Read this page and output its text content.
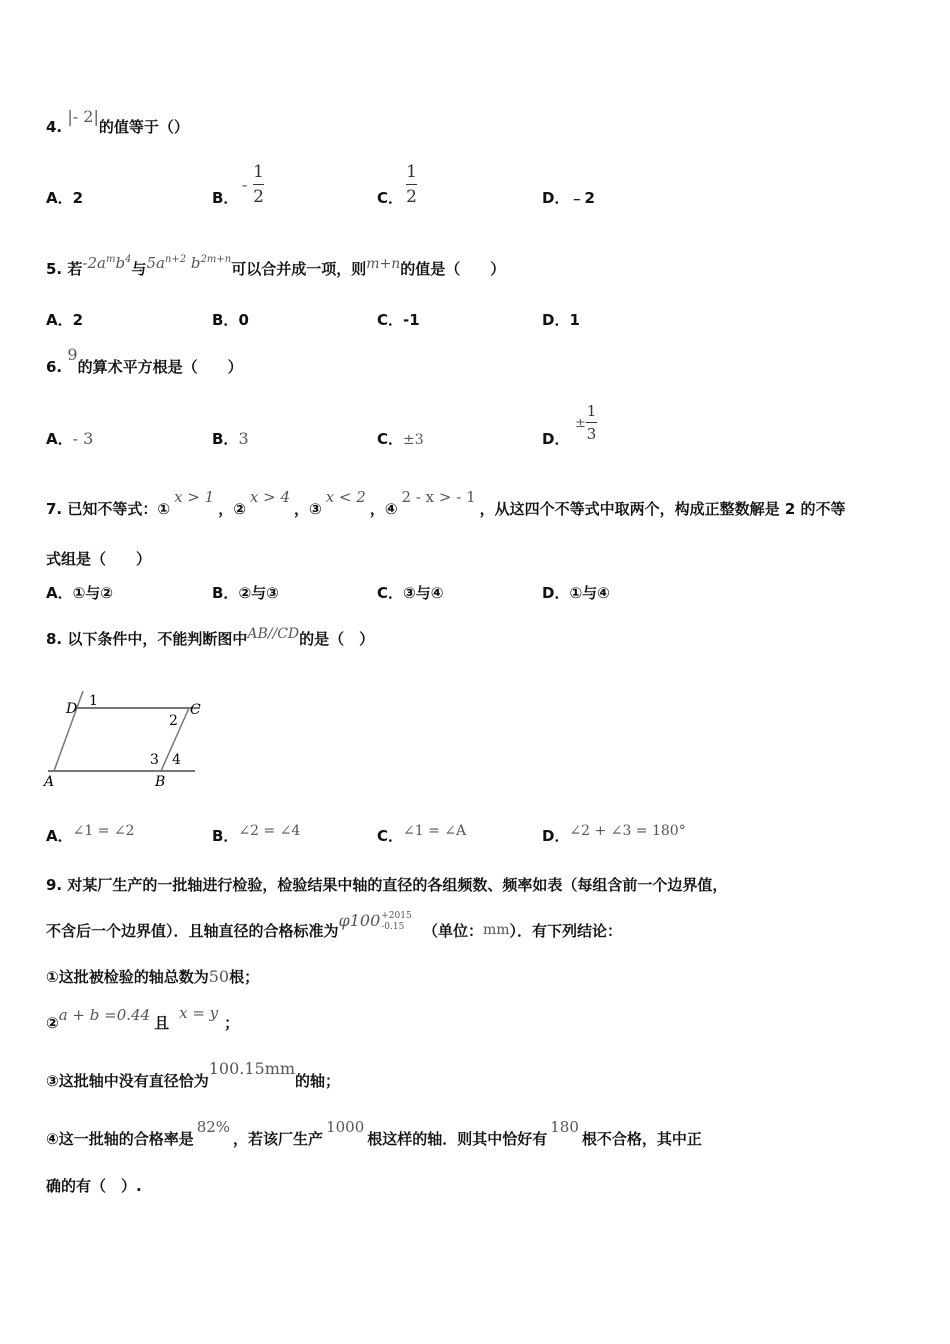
4. |- 2|的值等于（）
A．2	B．
-
1
2	C．
1
2	D．﹣2
5. 若$-2a^mb^4$与$5a^{n+2}$ $b^{2m+n}$可以合并成一项，则m+n的值是（　　）
A．2	B．0	C．-1	D．1
6. 9的算术平方根是（　　）
A．- 3	B．3	C．±3	D．
±
1
3
7. 已知不等式：①x > 1，②x > 4，③x < 2，④2 - x > - 1，从这四个不等式中取两个，构成正整数解是 2 的不等
式组是（　　）
A．①与②	B．②与③	C．③与④	D．①与④
8. 以下条件中，不能判断图中AB//CD的是（　）
D 1
C
2
3 4
A	B
A．∠1 = ∠2	B．∠2 = ∠4	C．∠1 = ∠A	D．∠2 + ∠3 = 180°
9. 对某厂生产的一批轴进行检验，检验结果中轴的直径的各组频数、频率如表（每组含前一个边界值，
不含后一个边界值）．且轴直径的合格标准为φ100 +2015
-0.15	（单位：mm）．有下列结论：
①这批被检验的轴总数为50根；
②a + b =0.44 且x = y；
③这批轴中没有直径恰为100.15mm的轴；
④这一批轴的合格率是82%，若该厂生产1000根这样的轴．则其中恰好有180根不合格，其中正
确的有（　）.
